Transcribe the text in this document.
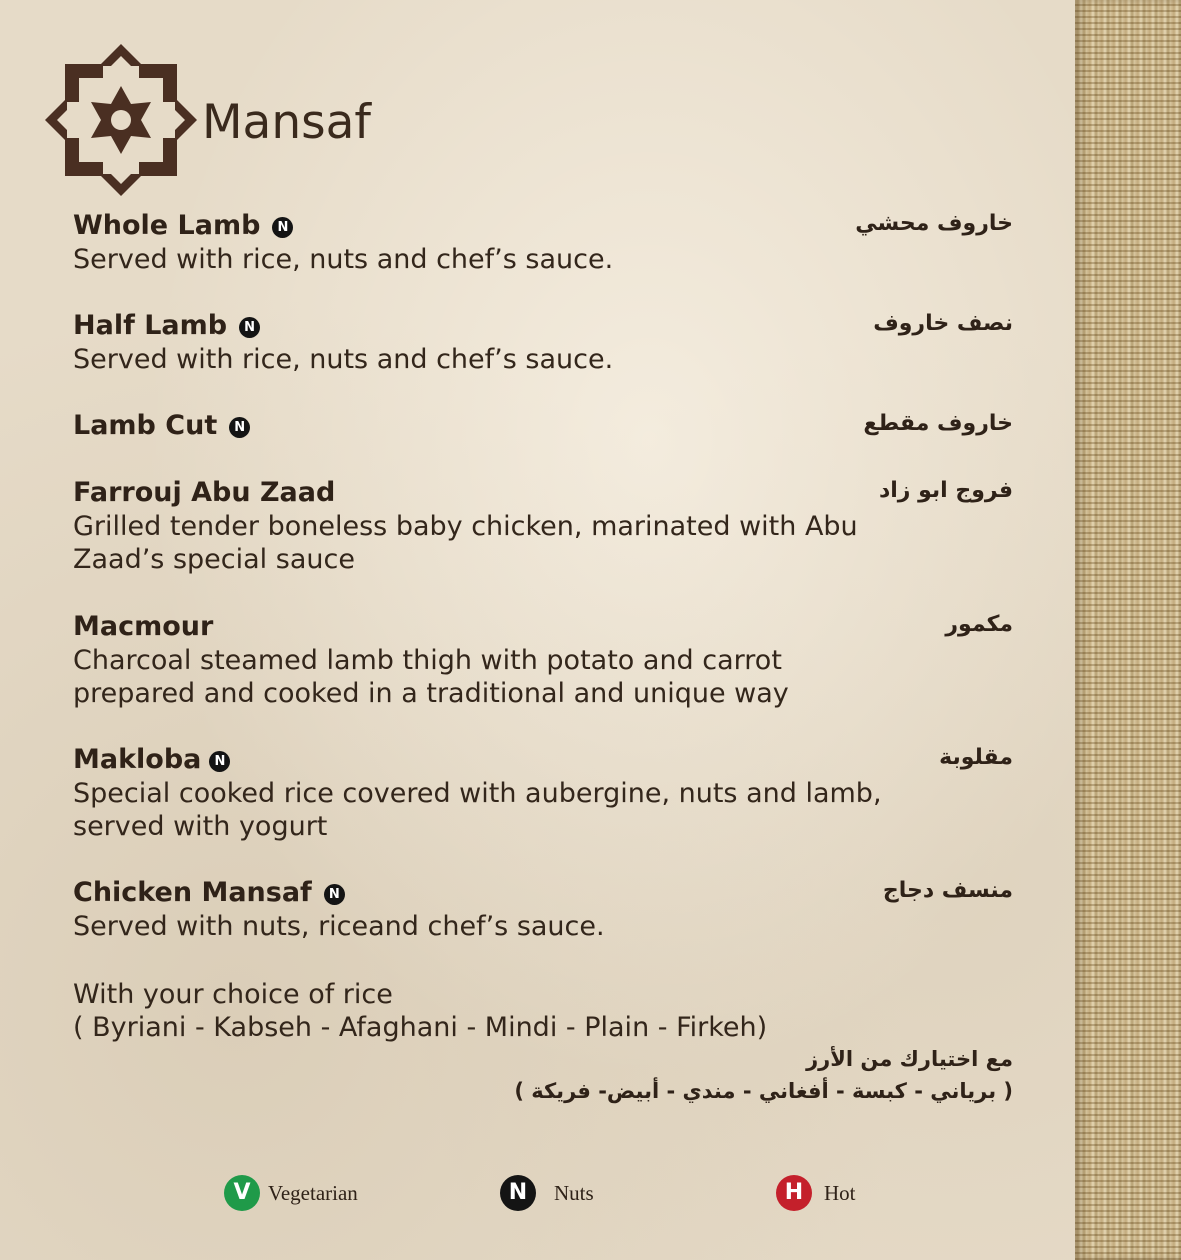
Mansaf
Whole Lamb N
Served with rice, nuts and chef’s sauce.
خاروف محشي
Half Lamb N
Served with rice, nuts and chef’s sauce.
نصف خاروف
Lamb Cut N	خاروف مقطع
Farrouj Abu Zaad
Grilled tender boneless baby chicken, marinated with Abu Zaad’s special sauce
فروج ابو زاد
Macmour
Charcoal steamed lamb thigh with potato and carrot prepared and cooked in a traditional and unique way
مكمور
Makloba N
Special cooked rice covered with aubergine, nuts and lamb, served with yogurt
مقلوبة
Chicken Mansaf N
Served with nuts, riceand chef’s sauce.
منسف دجاج
With your choice of rice
( Byriani - Kabseh - Afaghani - Mindi - Plain - Firkeh)
مع اختيارك من الأرز
( برياني - كبسة - أفغاني - مندي - أبيض- فريكة )
V Vegetarian	N	Nuts	H Hot
